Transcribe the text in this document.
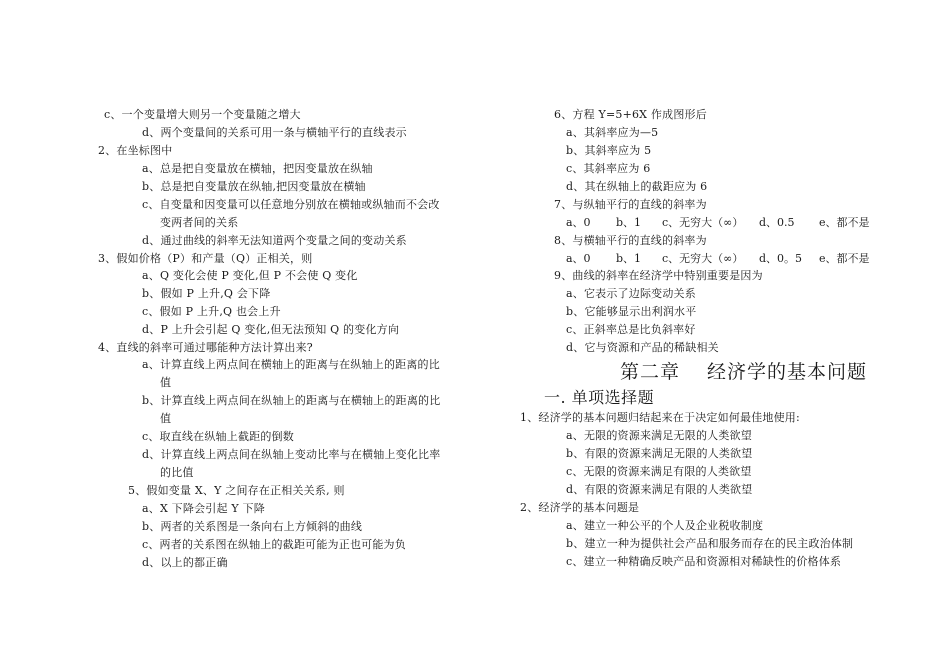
c、一个变量增大则另一个变量随之增大
d、两个变量间的关系可用一条与横轴平行的直线表示
2、在坐标图中
a、总是把自变量放在横轴，把因变量放在纵轴
b、总是把自变量放在纵轴,把因变量放在横轴
c、自变量和因变量可以任意地分别放在横轴或纵轴而不会改
变两者间的关系
d、通过曲线的斜率无法知道两个变量之间的变动关系
3、假如价格（P）和产量（Q）正相关，则
a、Q 变化会使 P 变化,但 P 不会使 Q 变化
b、假如 P 上升,Q 会下降
c、假如 P 上升,Q 也会上升
d、P 上升会引起 Q 变化,但无法预知 Q 的变化方向
4、直线的斜率可通过哪能种方法计算出来?
a、计算直线上两点间在横轴上的距离与在纵轴上的距离的比
值
b、计算直线上两点间在纵轴上的距离与在横轴上的距离的比
值
c、取直线在纵轴上截距的倒数
d、计算直线上两点间在纵轴上变动比率与在横轴上变化比率
的比值
5、假如变量 X、Y 之间存在正相关关系, 则
a、X 下降会引起 Y 下降
b、两者的关系图是一条向右上方倾斜的曲线
c、两者的关系图在纵轴上的截距可能为正也可能为负
d、以上的都正确
6、方程 Y=5+6X 作成图形后
a、其斜率应为—5
b、其斜率应为 5
c、其斜率应为 6
d、其在纵轴上的截距应为 6
7、与纵轴平行的直线的斜率为
a、0 b、1 c、无穷大（∞） d、0.5 e、都不是
8、与横轴平行的直线的斜率为
a、0 b、1 c、无穷大（∞） d、0。5 e、都不是
9、曲线的斜率在经济学中特别重要是因为
a、它表示了边际变动关系
b、它能够显示出利润水平
c、正斜率总是比负斜率好
d、它与资源和产品的稀缺相关
第二章　 经济学的基本问题
一. 单项选择题
1、经济学的基本问题归结起来在于决定如何最佳地使用:
a、无限的资源来满足无限的人类欲望
b、有限的资源来满足无限的人类欲望
c、无限的资源来满足有限的人类欲望
d、有限的资源来满足有限的人类欲望
2、经济学的基本问题是
a、建立一种公平的个人及企业税收制度
b、建立一种为提供社会产品和服务而存在的民主政治体制
c、建立一种精确反映产品和资源相对稀缺性的价格体系
